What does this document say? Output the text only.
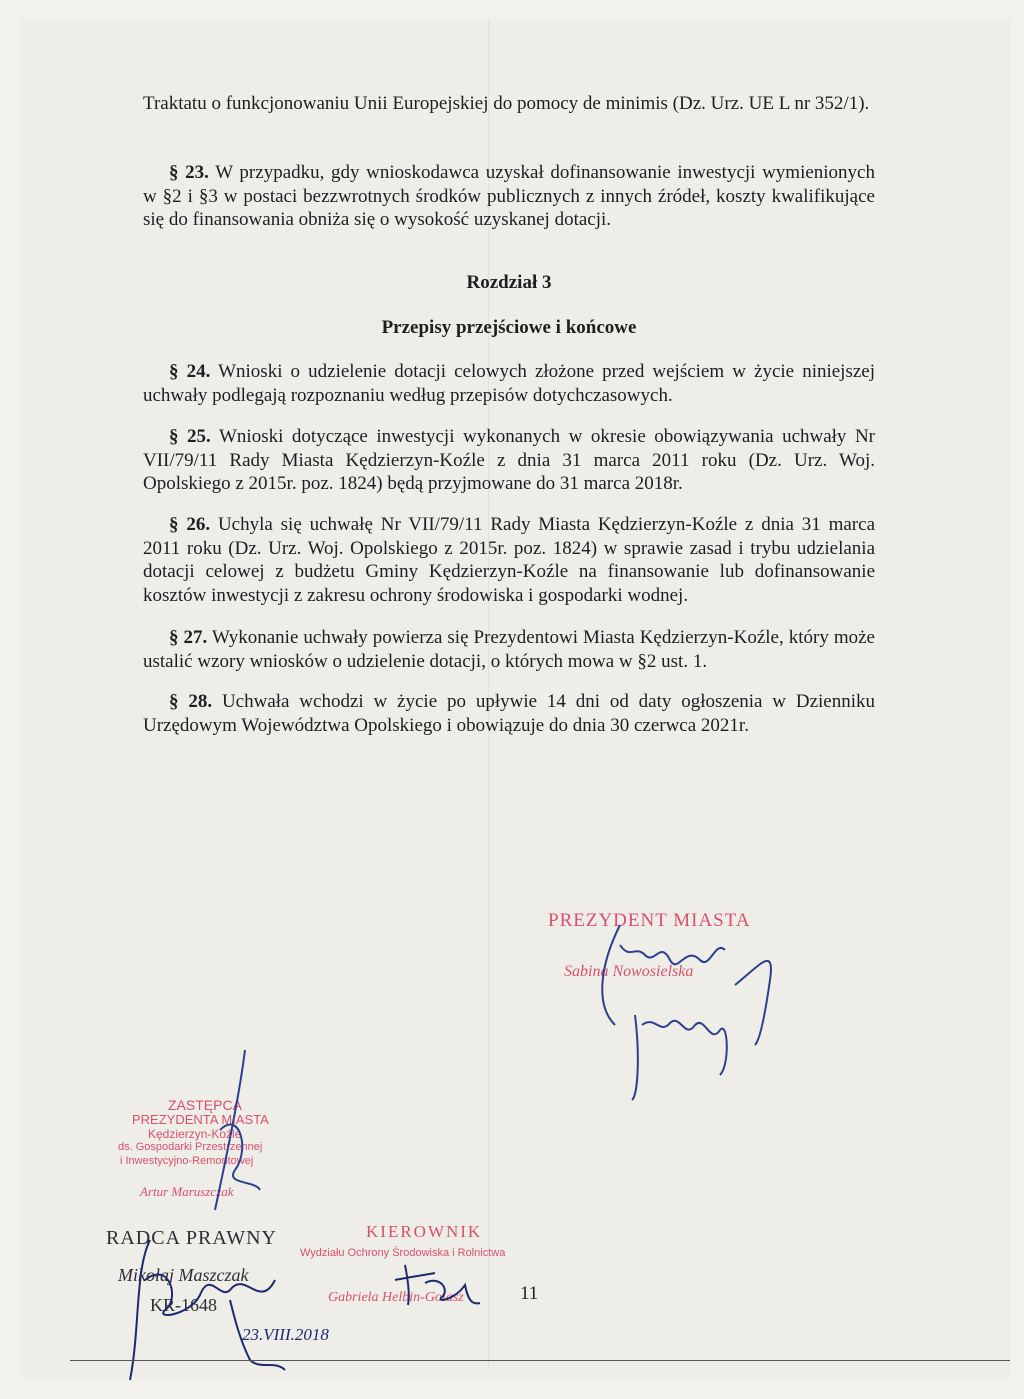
Traktatu o funkcjonowaniu Unii Europejskiej do pomocy de minimis (Dz. Urz. UE L nr 352/1).

§ 23. W przypadku, gdy wnioskodawca uzyskał dofinansowanie inwestycji wymienionych w §2 i §3 w postaci bezzwrotnych środków publicznych z innych źródeł, koszty kwalifikujące się do finansowania obniża się o wysokość uzyskanej dotacji.

Rozdział 3
Przepisy przejściowe i końcowe

§ 24. Wnioski o udzielenie dotacji celowych złożone przed wejściem w życie niniejszej uchwały podlegają rozpoznaniu według przepisów dotychczasowych.

§ 25. Wnioski dotyczące inwestycji wykonanych w okresie obowiązywania uchwały Nr VII/79/11 Rady Miasta Kędzierzyn-Koźle z dnia 31 marca 2011 roku (Dz. Urz. Woj. Opolskiego z 2015r. poz. 1824) będą przyjmowane do 31 marca 2018r.

§ 26. Uchyla się uchwałę Nr VII/79/11 Rady Miasta Kędzierzyn-Koźle z dnia 31 marca 2011 roku (Dz. Urz. Woj. Opolskiego z 2015r. poz. 1824) w sprawie zasad i trybu udzielania dotacji celowej z budżetu Gminy Kędzierzyn-Koźle na finansowanie lub dofinansowanie kosztów inwestycji z zakresu ochrony środowiska i gospodarki wodnej.

§ 27. Wykonanie uchwały powierza się Prezydentowi Miasta Kędzierzyn-Koźle, który może ustalić wzory wniosków o udzielenie dotacji, o których mowa w §2 ust. 1.

§ 28. Uchwała wchodzi w życie po upływie 14 dni od daty ogłoszenia w Dzienniku Urzędowym Województwa Opolskiego i obowiązuje do dnia 30 czerwca 2021r.

PREZYDENT MIASTA
Sabina Nowosielska
ZASTĘPCA
PREZYDENTA MIASTA
Kędzierzyn-Koźle
ds. Gospodarki Przestrzennej
i Inwestycyjno-Remontowej
Artur Maruszczak
RADCA PRAWNY
Mikołaj Maszczak
KR-1648
23.VIII.2018
KIEROWNIK
Wydziału Ochrony Środowiska i Rolnictwa
Gabriela Helbin-Golasz	11
